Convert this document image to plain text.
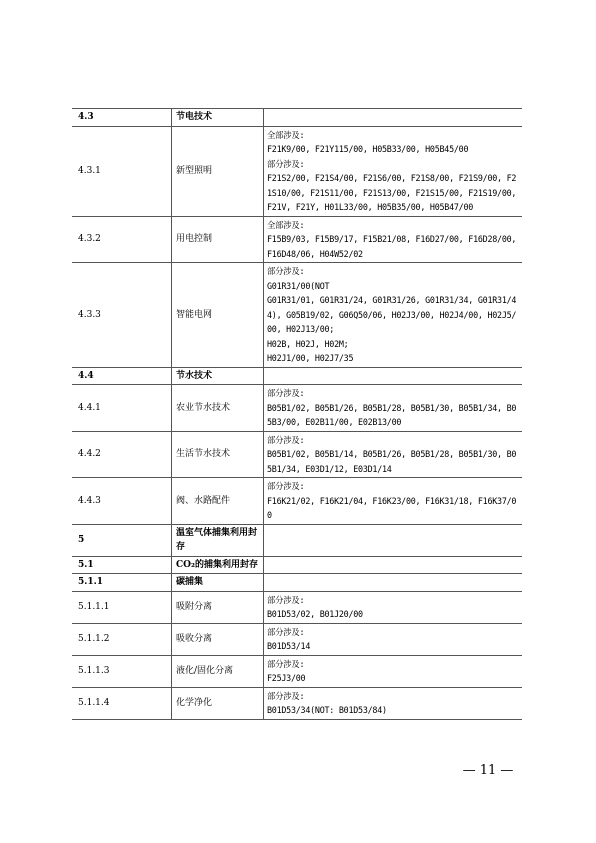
4.3	节电技术	
4.3.1	新型照明	全部涉及:
F21K9/00, F21Y115/00, H05B33/00, H05B45/00
部分涉及:
F21S2/00, F21S4/00, F21S6/00, F21S8/00, F21S9/00, F21S10/00, F21S11/00, F21S13/00, F21S15/00, F21S19/00, F21V, F21Y, H01L33/00, H05B35/00, H05B47/00
4.3.2	用电控制	全部涉及:
F15B9/03, F15B9/17, F15B21/08, F16D27/00, F16D28/00, F16D48/06, H04W52/02
4.3.3	智能电网	部分涉及:
G01R31/00(NOT
G01R31/01, G01R31/24, G01R31/26, G01R31/34, G01R31/44), G05B19/02, G06Q50/06, H02J3/00, H02J4/00, H02J5/00, H02J13/00;
H02B, H02J, H02M;
H02J1/00, H02J7/35
4.4	节水技术	
4.4.1	农业节水技术	部分涉及:
B05B1/02, B05B1/26, B05B1/28, B05B1/30, B05B1/34, B05B3/00, E02B11/00, E02B13/00
4.4.2	生活节水技术	部分涉及:
B05B1/02, B05B1/14, B05B1/26, B05B1/28, B05B1/30, B05B1/34, E03D1/12, E03D1/14
4.4.3	阀、水路配件	部分涉及:
F16K21/02, F16K21/04, F16K23/00, F16K31/18, F16K37/00
5	温室气体捕集利用封存	
5.1	CO₂的捕集利用封存	
5.1.1	碳捕集	
5.1.1.1	吸附分离	部分涉及:
B01D53/02, B01J20/00
5.1.1.2	吸收分离	部分涉及:
B01D53/14
5.1.1.3	液化/固化分离	部分涉及:
F25J3/00
5.1.1.4	化学净化	部分涉及:
B01D53/34(NOT: B01D53/84)
— 11 —
